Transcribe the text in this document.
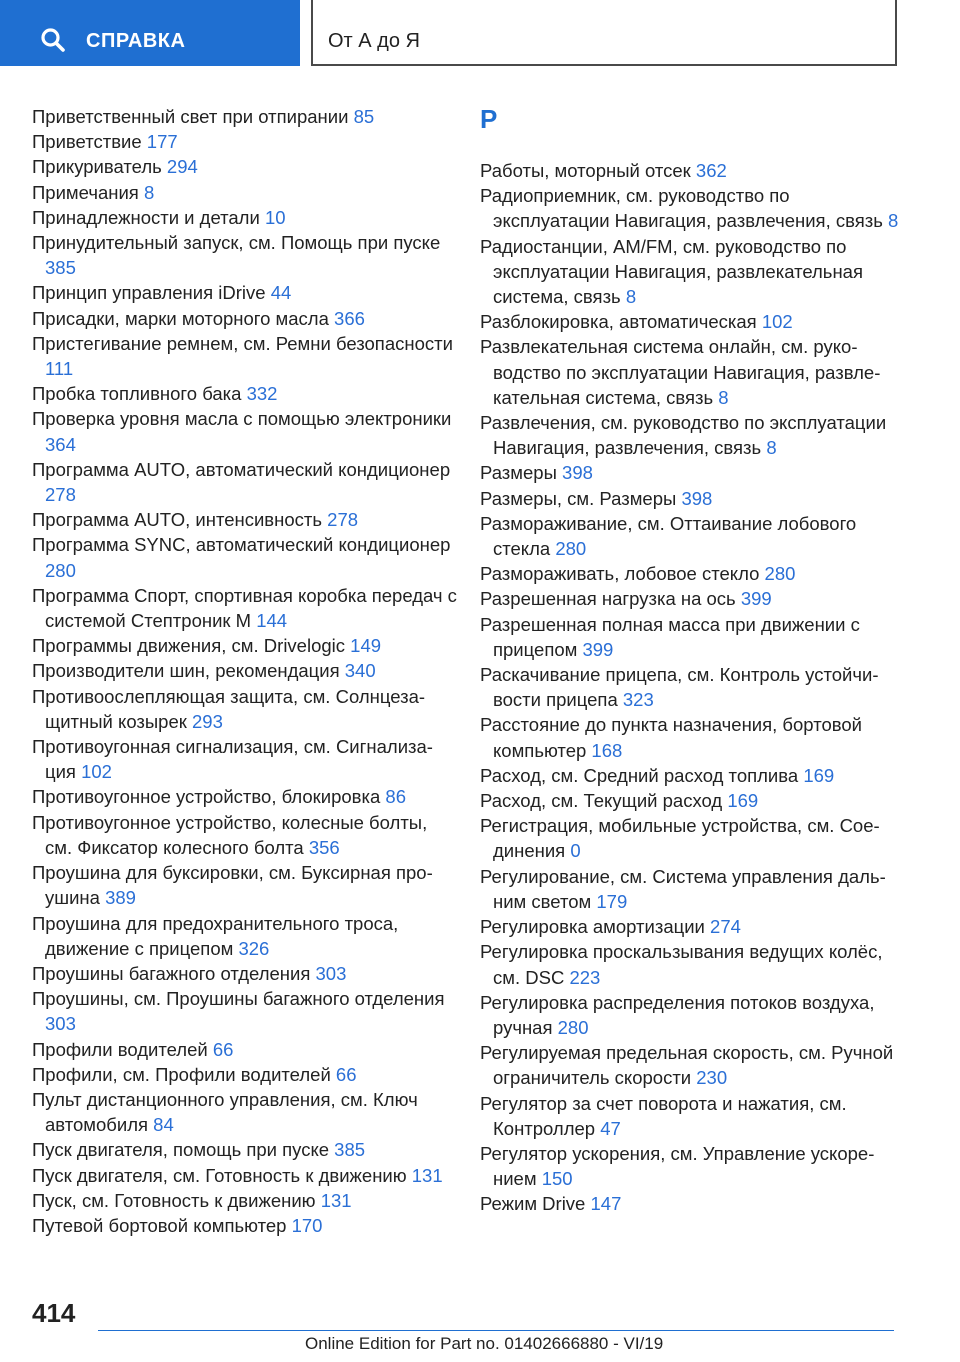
СПРАВКА	От А до Я
Приветственный свет при отпирании 85
Приветствие 177
Прикуриватель 294
Примечания 8
Принадлежности и детали 10
Принудительный запуск, см. Помощь при пуске 385
Принцип управления iDrive 44
Присадки, марки моторного масла 366
Пристегивание ремнем, см. Ремни безопасности 111
Пробка топливного бака 332
Проверка уровня масла с помощью электроники 364
Программа AUTO, автоматический кондиционер 278
Программа AUTO, интенсивность 278
Программа SYNC, автоматический кондиционер 280
Программа Спорт, спортивная коробка передач с системой Стептроник M 144
Программы движения, см. Drivelogic 149
Производители шин, рекомендация 340
Противоослепляющая защита, см. Солнцезащитный козырек 293
Противоугонная сигнализация, см. Сигнализация 102
Противоугонное устройство, блокировка 86
Противоугонное устройство, колесные болты, см. Фиксатор колесного болта 356
Проушина для буксировки, см. Буксирная проушина 389
Проушина для предохранительного троса, движение с прицепом 326
Проушины багажного отделения 303
Проушины, см. Проушины багажного отделения 303
Профили водителей 66
Профили, см. Профили водителей 66
Пульт дистанционного управления, см. Ключ автомобиля 84
Пуск двигателя, помощь при пуске 385
Пуск двигателя, см. Готовность к движению 131
Пуск, см. Готовность к движению 131
Путевой бортовой компьютер 170
Р
Работы, моторный отсек 362
Радиоприемник, см. руководство по эксплуатации Навигация, развлечения, связь 8
Радиостанции, AM/FM, см. руководство по эксплуатации Навигация, развлекательная система, связь 8
Разблокировка, автоматическая 102
Развлекательная система онлайн, см. руководство по эксплуатации Навигация, развлекательная система, связь 8
Развлечения, см. руководство по эксплуатации Навигация, развлечения, связь 8
Размеры 398
Размеры, см. Размеры 398
Размораживание, см. Оттаивание лобового стекла 280
Размораживать, лобовое стекло 280
Разрешенная нагрузка на ось 399
Разрешенная полная масса при движении с прицепом 399
Раскачивание прицепа, см. Контроль устойчивости прицепа 323
Расстояние до пункта назначения, бортовой компьютер 168
Расход, см. Средний расход топлива 169
Расход, см. Текущий расход 169
Регистрация, мобильные устройства, см. Соединения 0
Регулирование, см. Система управления дальним светом 179
Регулировка амортизации 274
Регулировка проскальзывания ведущих колёс, см. DSC 223
Регулировка распределения потоков воздуха, ручная 280
Регулируемая предельная скорость, см. Ручной ограничитель скорости 230
Регулятор за счет поворота и нажатия, см. Контроллер 47
Регулятор ускорения, см. Управление ускорением 150
Режим Drive 147
414
Online Edition for Part no. 01402666880 - VI/19
